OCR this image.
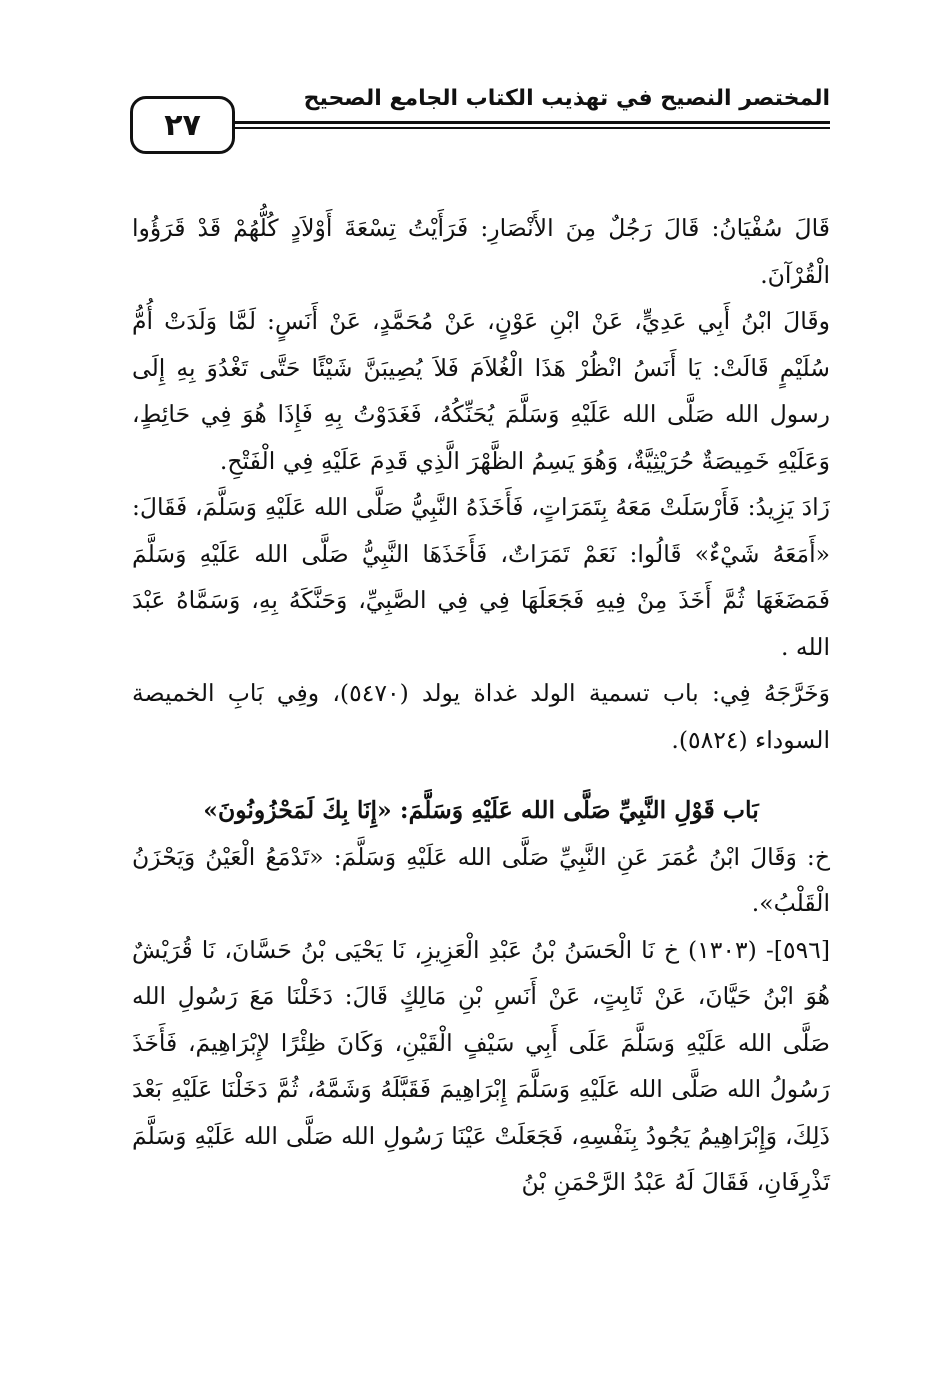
٢٧
المختصر النصيح في تهذيب الكتاب الجامع الصحيح

قَالَ سُفْيَانُ: قَالَ رَجُلٌ مِنَ الأَنْصَارِ: فَرَأَيْتُ تِسْعَةَ أَوْلاَدٍ كُلُّهُمْ قَدْ قَرَؤُوا الْقُرْآنَ.

وقَالَ ابْنُ أَبِي عَدِيٍّ، عَنْ ابْنِ عَوْنٍ، عَنْ مُحَمَّدٍ، عَنْ أَنَسٍ: لَمَّا وَلَدَتْ أُمُّ سُلَيْمٍ قَالَتْ: يَا أَنَسُ انْظُرْ هَذَا الْغُلاَمَ فَلاَ يُصِيبَنَّ شَيْئًا حَتَّى تَغْدُوَ بِهِ إِلَى رسول الله صَلَّى الله عَلَيْهِ وَسَلَّمَ يُحَنِّكُهُ، فَغَدَوْتُ بِهِ فَإِذَا هُوَ فِي حَائِطٍ، وَعَلَيْهِ خَمِيصَةٌ حُرَيْثِيَّةٌ، وَهُوَ يَسِمُ الظَّهْرَ الَّذِي قَدِمَ عَلَيْهِ فِي الْفَتْحِ.

زَادَ يَزِيدُ: فَأَرْسَلَتْ مَعَهُ بِتَمَرَاتٍ، فَأَخَذَهُ النَّبِيُّ صَلَّى الله عَلَيْهِ وَسَلَّمَ، فَقَالَ: «أَمَعَهُ شَيْءٌ» قَالُوا: نَعَمْ تَمَرَاتٌ، فَأَخَذَهَا النَّبِيُّ صَلَّى الله عَلَيْهِ وَسَلَّمَ فَمَضَغَهَا ثُمَّ أَخَذَ مِنْ فِيهِ فَجَعَلَهَا فِي فِي الصَّبِيِّ، وَحَنَّكَهُ بِهِ، وَسَمَّاهُ عَبْدَ الله .

وَخَرَّجَهُ فِي: باب تسمية الولد غداة يولد (٥٤٧٠)، وفِي بَابِ الخميصة السوداء (٥٨٢٤).

بَاب قَوْلِ النَّبِيِّ صَلَّى الله عَلَيْهِ وَسَلَّمَ: «إِنَا بِكَ لَمَحْزُونُونَ»

خ: وَقَالَ ابْنُ عُمَرَ عَنِ النَّبِيِّ صَلَّى الله عَلَيْهِ وَسَلَّمَ: «تَدْمَعُ الْعَيْنُ وَيَحْزَنُ الْقَلْبُ».

[٥٩٦]- (١٣٠٣) خ نَا الْحَسَنُ بْنُ عَبْدِ الْعَزِيزِ، نَا يَحْيَى بْنُ حَسَّانَ، نَا قُرَيْشٌ هُوَ ابْنُ حَيَّانَ، عَنْ ثَابِتٍ، عَنْ أَنَسِ بْنِ مَالِكٍ قَالَ: دَخَلْنَا مَعَ رَسُولِ الله صَلَّى الله عَلَيْهِ وَسَلَّمَ عَلَى أَبِي سَيْفٍ الْقَيْنِ، وَكَانَ ظِئْرًا لإِبْرَاهِيمَ، فَأَخَذَ رَسُولُ الله صَلَّى الله عَلَيْهِ وَسَلَّمَ إِبْرَاهِيمَ فَقَبَّلَهُ وَشَمَّهُ، ثُمَّ دَخَلْنَا عَلَيْهِ بَعْدَ ذَلِكَ، وَإِبْرَاهِيمُ يَجُودُ بِنَفْسِهِ، فَجَعَلَتْ عَيْنَا رَسُولِ الله صَلَّى الله عَلَيْهِ وَسَلَّمَ تَذْرِفَانِ، فَقَالَ لَهُ عَبْدُ الرَّحْمَنِ بْنُ
